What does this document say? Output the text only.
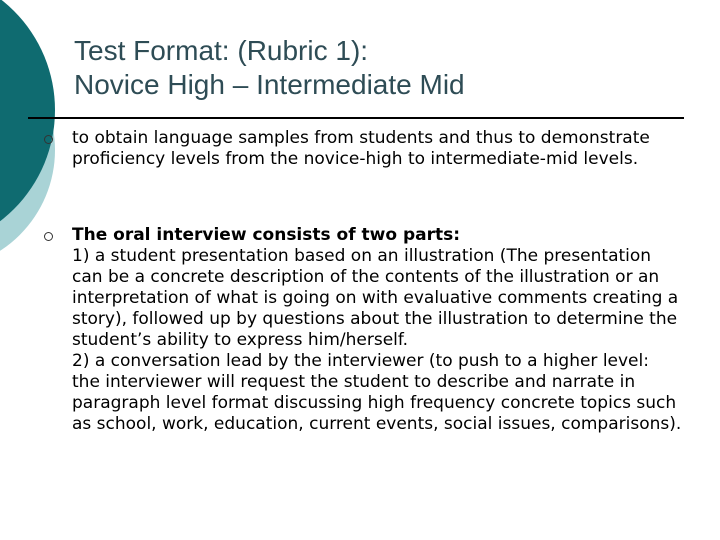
Test Format: (Rubric 1):
Novice High – Intermediate Mid

to obtain language samples from students and thus to demonstrate proficiency levels from the novice-high to intermediate-mid levels.

The oral interview consists of two parts:

1) a student presentation based on an illustration (The presentation can be a concrete description of the contents of the illustration or an interpretation of what is going on with evaluative comments creating a story), followed up by questions about the illustration to determine the student’s ability to express him/herself.

2) a conversation lead by the interviewer (to push to a higher level: the interviewer will request the student to describe and narrate in paragraph level format discussing high frequency concrete topics such as school, work, education, current events, social issues, comparisons).
